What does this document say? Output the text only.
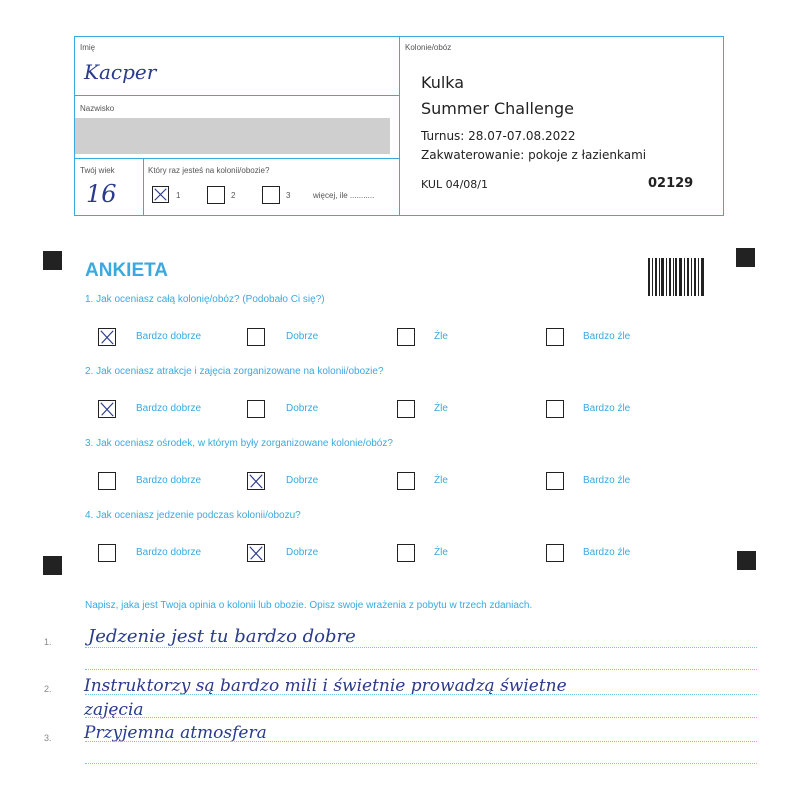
Imię
Kacper
Nazwisko
Twój wiek
16
Który raz jesteś na kolonii/obozie?
1	2	3	więcej, ile ...........
Kolonie/obóz
Kulka
Summer Challenge
Turnus: 28.07-07.08.2022
Zakwaterowanie: pokoje z łazienkami
KUL 04/08/1	02129
ANKIETA
1. Jak oceniasz całą kolonię/obóz? (Podobało Ci się?)
Bardzo dobrze	Dobrze	Źle	Bardzo źle
2. Jak oceniasz atrakcje i zajęcia zorganizowane na kolonii/obozie?
Bardzo dobrze	Dobrze	Źle	Bardzo źle
3. Jak oceniasz ośrodek, w którym były zorganizowane kolonie/obóz?
Bardzo dobrze	Dobrze	Źle	Bardzo źle
4. Jak oceniasz jedzenie podczas kolonii/obozu?
Bardzo dobrze	Dobrze	Źle	Bardzo źle
Napisz, jaka jest Twoja opinia o kolonii lub obozie. Opisz swoje wrażenia z pobytu w trzech zdaniach.
1. Jedzenie jest tu bardzo dobre
2. Instruktorzy są bardzo mili i świetnie prowadzą świetne
zajęcia
3. Przyjemna atmosfera
